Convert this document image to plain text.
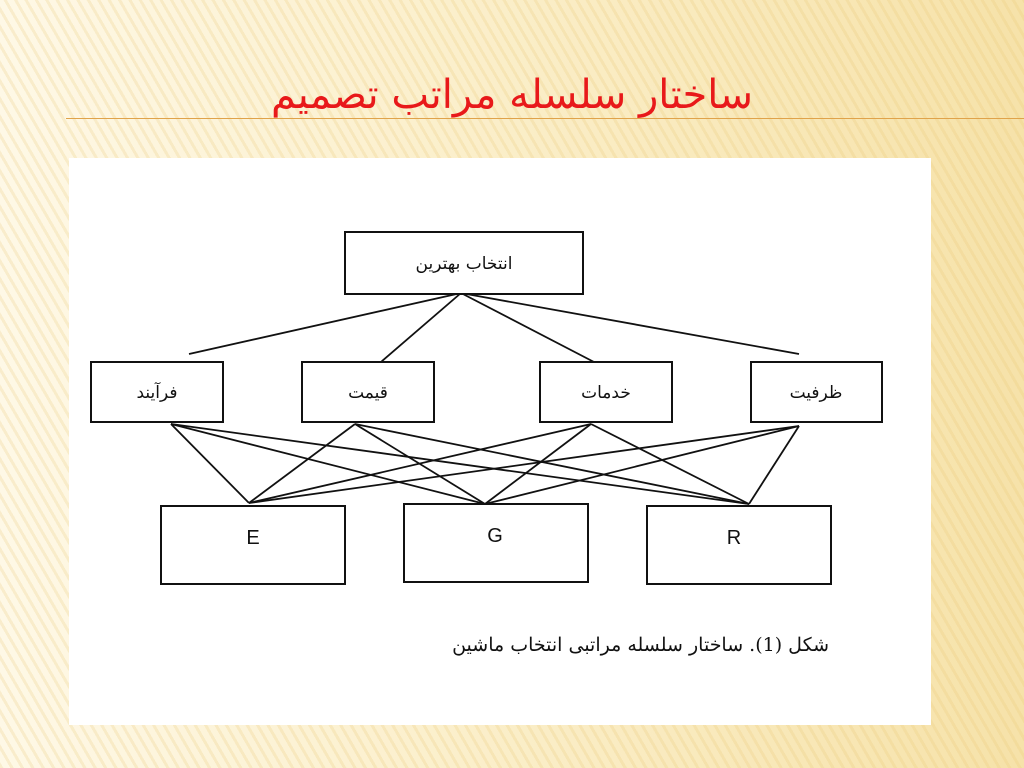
ساختار سلسله مراتب تصمیم
انتخاب بهترین
فرآیند	قیمت	خدمات	ظرفیت
E	G	R
شکل (1). ساختار سلسله مراتبی انتخاب ماشین
